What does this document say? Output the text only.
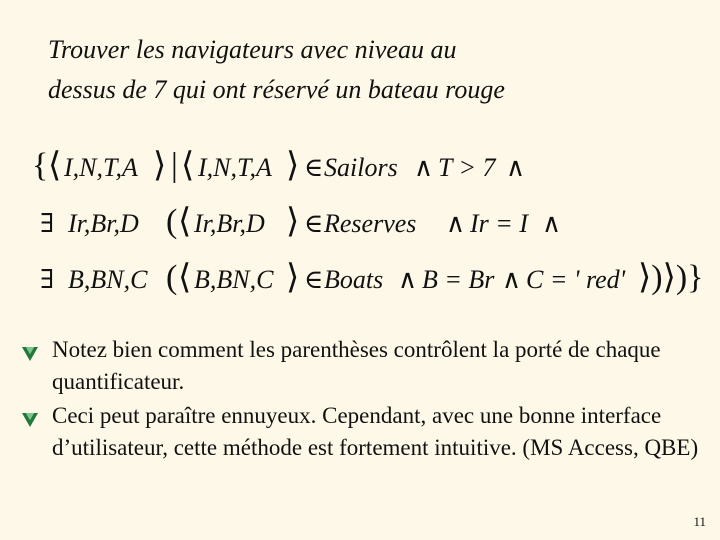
Trouver les navigateurs avec niveau au
dessus de 7 qui ont réservé un bateau rouge
{ ⟨ I,N,T,A ⟩ | ⟨ I,N,T,A ⟩ ∈ Sailors ∧ T > 7 ∧
∃ Ir,Br,D ( ⟨ Ir,Br,D ⟩ ∈ Reserves ∧ Ir = I ∧
∃ B,BN,C ( ⟨ B,BN,C ⟩ ∈ Boats ∧ B = Br ∧ C = ' red' ⟩)⟩)}
Notez bien comment les parenthèses contrôlent la porté de chaque quantificateur.
Ceci peut paraître ennuyeux. Cependant, avec une bonne interface d’utilisateur, cette méthode est fortement intuitive. (MS Access, QBE)
11
